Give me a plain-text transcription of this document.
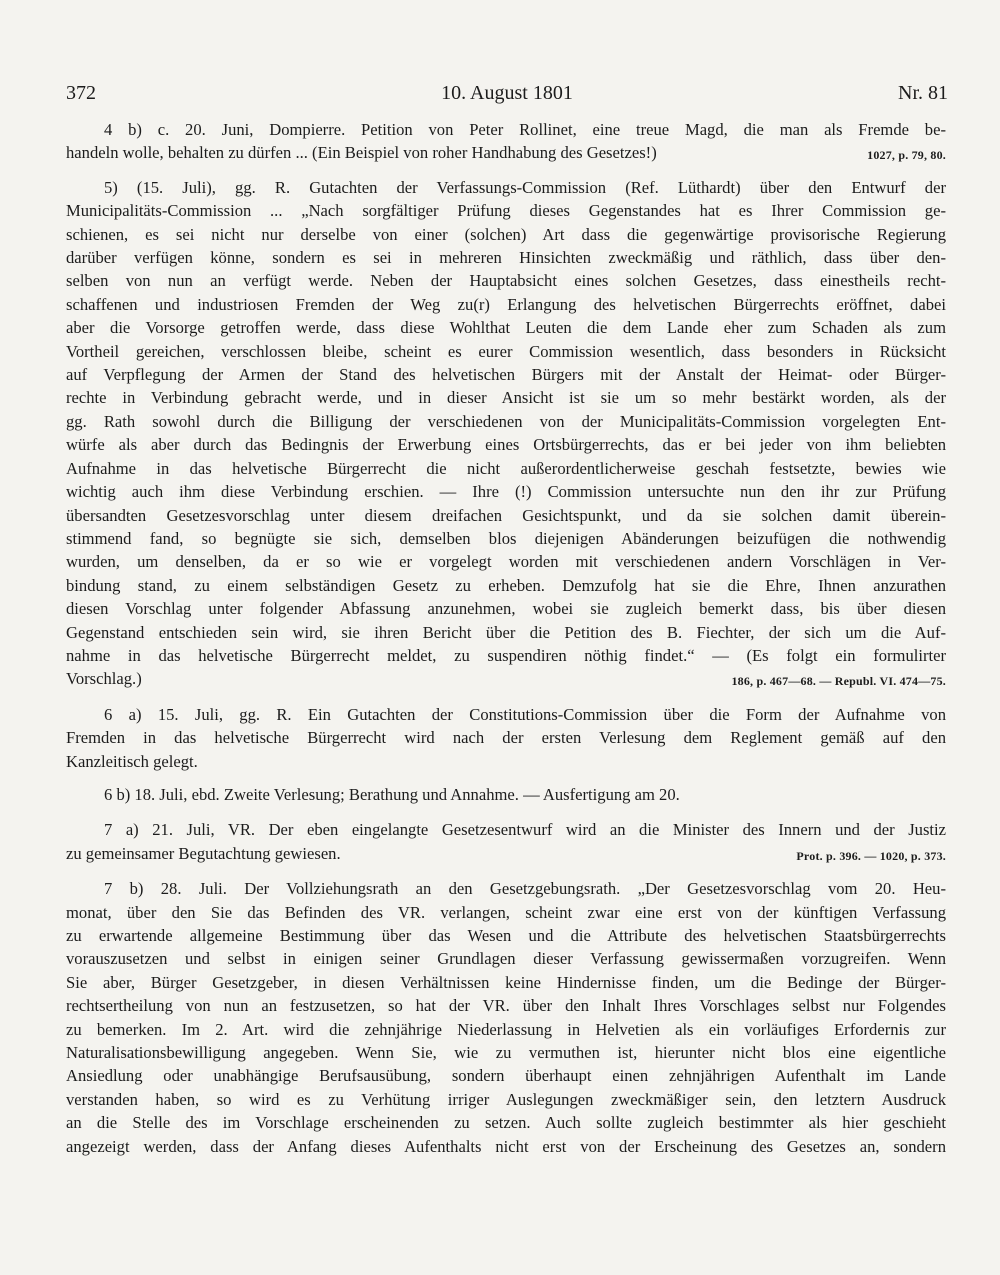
372	10. August 1801	Nr. 81
4 b) c. 20. Juni, Dompierre. Petition von Peter Rollinet, eine treue Magd, die man als Fremde be-
1027, p. 79, 80.
handeln wolle, behalten zu dürfen ... (Ein Beispiel von roher Handhabung des Gesetzes!)
5) (15. Juli), gg. R. Gutachten der Verfassungs-Commission (Ref. Lüthardt) über den Entwurf der
Municipalitäts-Commission ... „Nach sorgfältiger Prüfung dieses Gegenstandes hat es Ihrer Commission ge-
schienen, es sei nicht nur derselbe von einer (solchen) Art dass die gegenwärtige provisorische Regierung
darüber verfügen könne, sondern es sei in mehreren Hinsichten zweckmäßig und räthlich, dass über den-
selben von nun an verfügt werde. Neben der Hauptabsicht eines solchen Gesetzes, dass einestheils recht-
schaffenen und industriosen Fremden der Weg zu(r) Erlangung des helvetischen Bürgerrechts eröffnet, dabei
aber die Vorsorge getroffen werde, dass diese Wohlthat Leuten die dem Lande eher zum Schaden als zum
Vortheil gereichen, verschlossen bleibe, scheint es eurer Commission wesentlich, dass besonders in Rücksicht
auf Verpflegung der Armen der Stand des helvetischen Bürgers mit der Anstalt der Heimat- oder Bürger-
rechte in Verbindung gebracht werde, und in dieser Ansicht ist sie um so mehr bestärkt worden, als der
gg. Rath sowohl durch die Billigung der verschiedenen von der Municipalitäts-Commission vorgelegten Ent-
würfe als aber durch das Bedingnis der Erwerbung eines Ortsbürgerrechts, das er bei jeder von ihm beliebten
Aufnahme in das helvetische Bürgerrecht die nicht außerordentlicherweise geschah festsetzte, bewies wie
wichtig auch ihm diese Verbindung erschien. — Ihre (!) Commission untersuchte nun den ihr zur Prüfung
übersandten Gesetzesvorschlag unter diesem dreifachen Gesichtspunkt, und da sie solchen damit überein-
stimmend fand, so begnügte sie sich, demselben blos diejenigen Abänderungen beizufügen die nothwendig
wurden, um denselben, da er so wie er vorgelegt worden mit verschiedenen andern Vorschlägen in Ver-
bindung stand, zu einem selbständigen Gesetz zu erheben. Demzufolg hat sie die Ehre, Ihnen anzurathen
diesen Vorschlag unter folgender Abfassung anzunehmen, wobei sie zugleich bemerkt dass, bis über diesen
Gegenstand entschieden sein wird, sie ihren Bericht über die Petition des B. Fiechter, der sich um die Auf-
nahme in das helvetische Bürgerrecht meldet, zu suspendiren nöthig findet.“ — (Es folgt ein formulirter
186, p. 467—68. — Republ. VI. 474—75.
Vorschlag.)
6 a) 15. Juli, gg. R. Ein Gutachten der Constitutions-Commission über die Form der Aufnahme von
Fremden in das helvetische Bürgerrecht wird nach der ersten Verlesung dem Reglement gemäß auf den
Kanzleitisch gelegt.
6 b) 18. Juli, ebd. Zweite Verlesung; Berathung und Annahme. — Ausfertigung am 20.
7 a) 21. Juli, VR. Der eben eingelangte Gesetzesentwurf wird an die Minister des Innern und der Justiz
Prot. p. 396. — 1020, p. 373.
zu gemeinsamer Begutachtung gewiesen.
7 b) 28. Juli. Der Vollziehungsrath an den Gesetzgebungsrath. „Der Gesetzesvorschlag vom 20. Heu-
monat, über den Sie das Befinden des VR. verlangen, scheint zwar eine erst von der künftigen Verfassung
zu erwartende allgemeine Bestimmung über das Wesen und die Attribute des helvetischen Staatsbürgerrechts
vorauszusetzen und selbst in einigen seiner Grundlagen dieser Verfassung gewissermaßen vorzugreifen. Wenn
Sie aber, Bürger Gesetzgeber, in diesen Verhältnissen keine Hindernisse finden, um die Bedinge der Bürger-
rechtsertheilung von nun an festzusetzen, so hat der VR. über den Inhalt Ihres Vorschlages selbst nur Folgendes
zu bemerken. Im 2. Art. wird die zehnjährige Niederlassung in Helvetien als ein vorläufiges Erfordernis zur
Naturalisationsbewilligung angegeben. Wenn Sie, wie zu vermuthen ist, hierunter nicht blos eine eigentliche
Ansiedlung oder unabhängige Berufsausübung, sondern überhaupt einen zehnjährigen Aufenthalt im Lande
verstanden haben, so wird es zu Verhütung irriger Auslegungen zweckmäßiger sein, den letztern Ausdruck
an die Stelle des im Vorschlage erscheinenden zu setzen. Auch sollte zugleich bestimmter als hier geschieht
angezeigt werden, dass der Anfang dieses Aufenthalts nicht erst von der Erscheinung des Gesetzes an, sondern
